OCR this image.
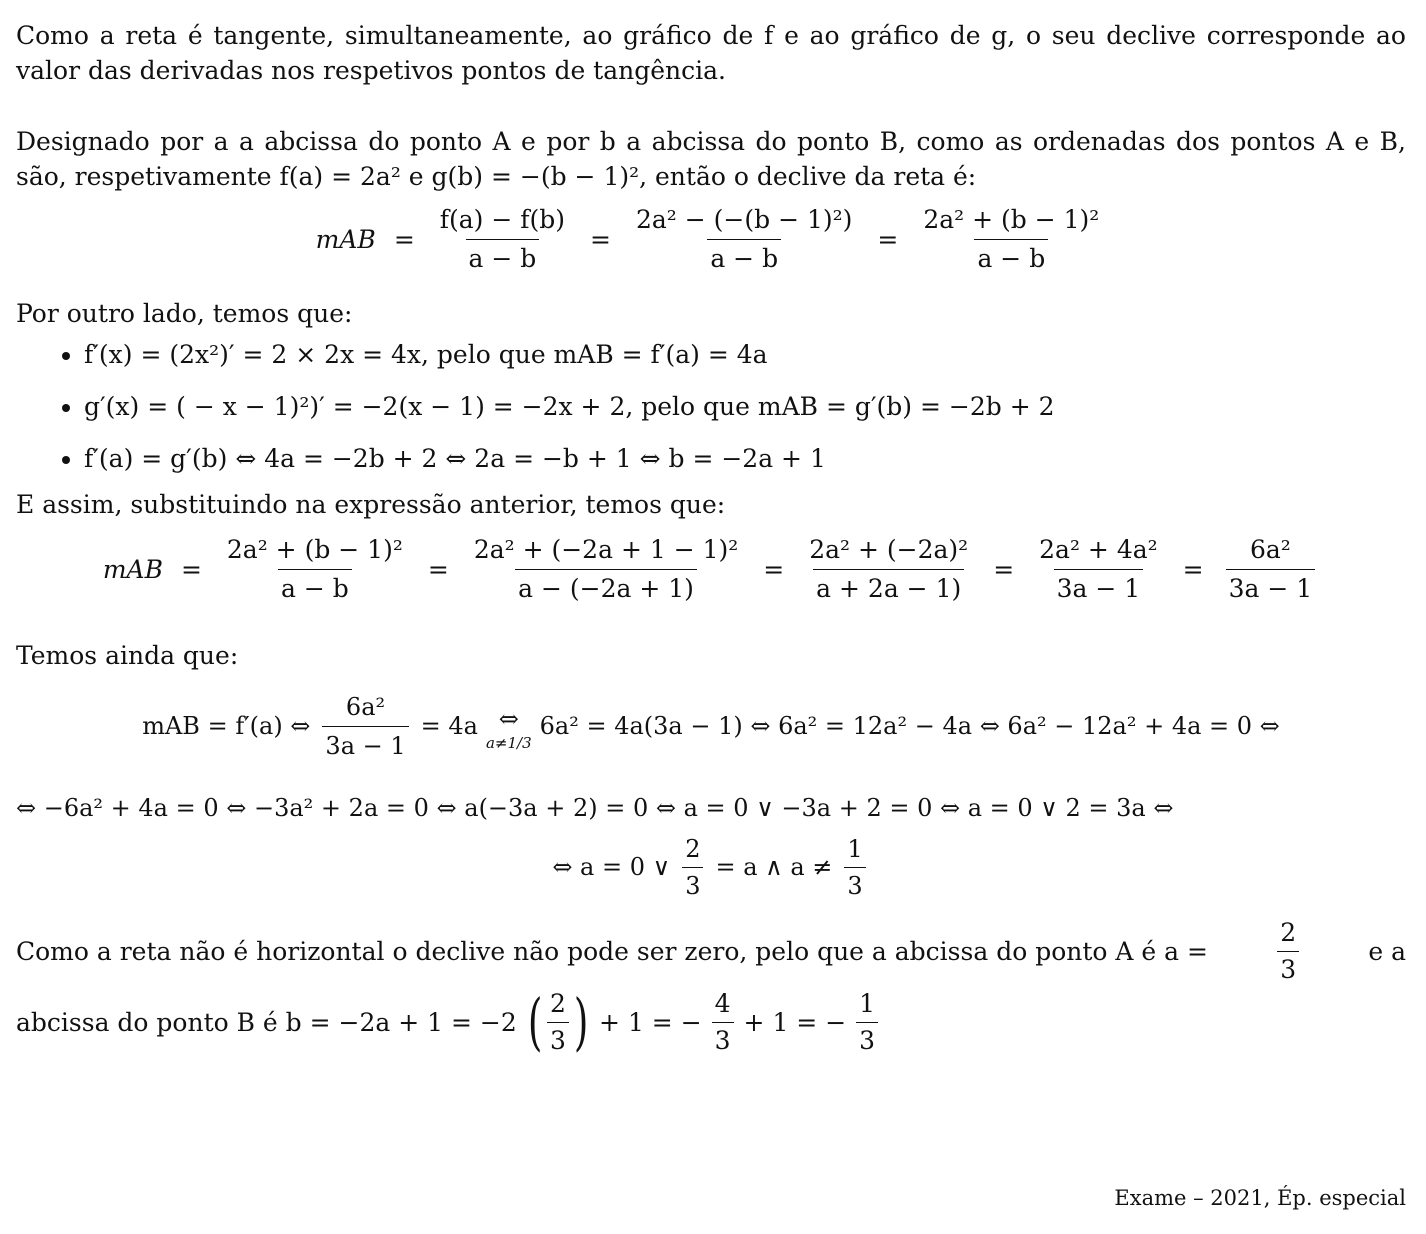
Como a reta é tangente, simultaneamente, ao gráfico de f e ao gráfico de g, o seu declive corresponde ao valor das derivadas nos respetivos pontos de tangência.

Designado por a a abcissa do ponto A e por b a abcissa do ponto B, como as ordenadas dos pontos A e B, são, respetivamente f(a) = 2a² e g(b) = −(b − 1)², então o declive da reta é:

mAB = $\frac{f(a) - f(b)}{a - b} = \frac{\text{2a² − (−(b − 1)²)}}{a - b} = \frac{\text{2a² + (b − 1)²}}{a - b}$

Por outro lado, temos que:

• f′(x) = (2x²)′ = 2 × 2x = 4x, pelo que mAB = f′(a) = 4a
• g′(x) = ( − x − 1)²)′ = −2(x − 1) = −2x + 2, pelo que mAB = g′(b) = −2b + 2
• f′(a) = g′(b) ⇔ 4a = −2b + 2 ⇔ 2a = −b + 1 ⇔ b = −2a + 1

E assim, substituindo na expressão anterior, temos que:

mAB = $\frac{\text{2a² + (b − 1)²}}{a - b} = \frac{\text{2a² + (−2a + 1 − 1)²}}{a - (-2a + 1)} = \frac{\text{2a² + (−2a)²}}{a + 2a - 1)} = \frac{\text{2a² + 4a²}}{3a - 1} = \frac{\text{6a²}}{3a - 1}$

Temos ainda que:

mAB = f′(a) ⇔ $\frac{\text{6a²}}{3a - 1} = 4a$ ⇔
a≠1/3
6a² = 4a(3a − 1) ⇔ 6a² = 12a² − 4a ⇔ 6a² − 12a² + 4a = 0 ⇔
⇔ −6a² + 4a = 0 ⇔ −3a² + 2a = 0 ⇔ a(−3a + 2) = 0 ⇔ a = 0 ∨ −3a + 2 = 0 ⇔ a = 0 ∨ 2 = 3a ⇔
⇔ a = 0 ∨ $\frac{2}{3} = a$ ∧ $a \ne \frac{1}{3}$
Como a reta não é horizontal o declive não pode ser zero, pelo que a abcissa do ponto A é a =	$\frac{2}{3}$	e a

abcissa do ponto B é b = −2a + 1 = −2 ( $\frac{2}{3}$ ) + 1 = − $\frac{4}{3} + 1$ = − $\frac{1}{3}$
Exame – 2021, Ép. especial
